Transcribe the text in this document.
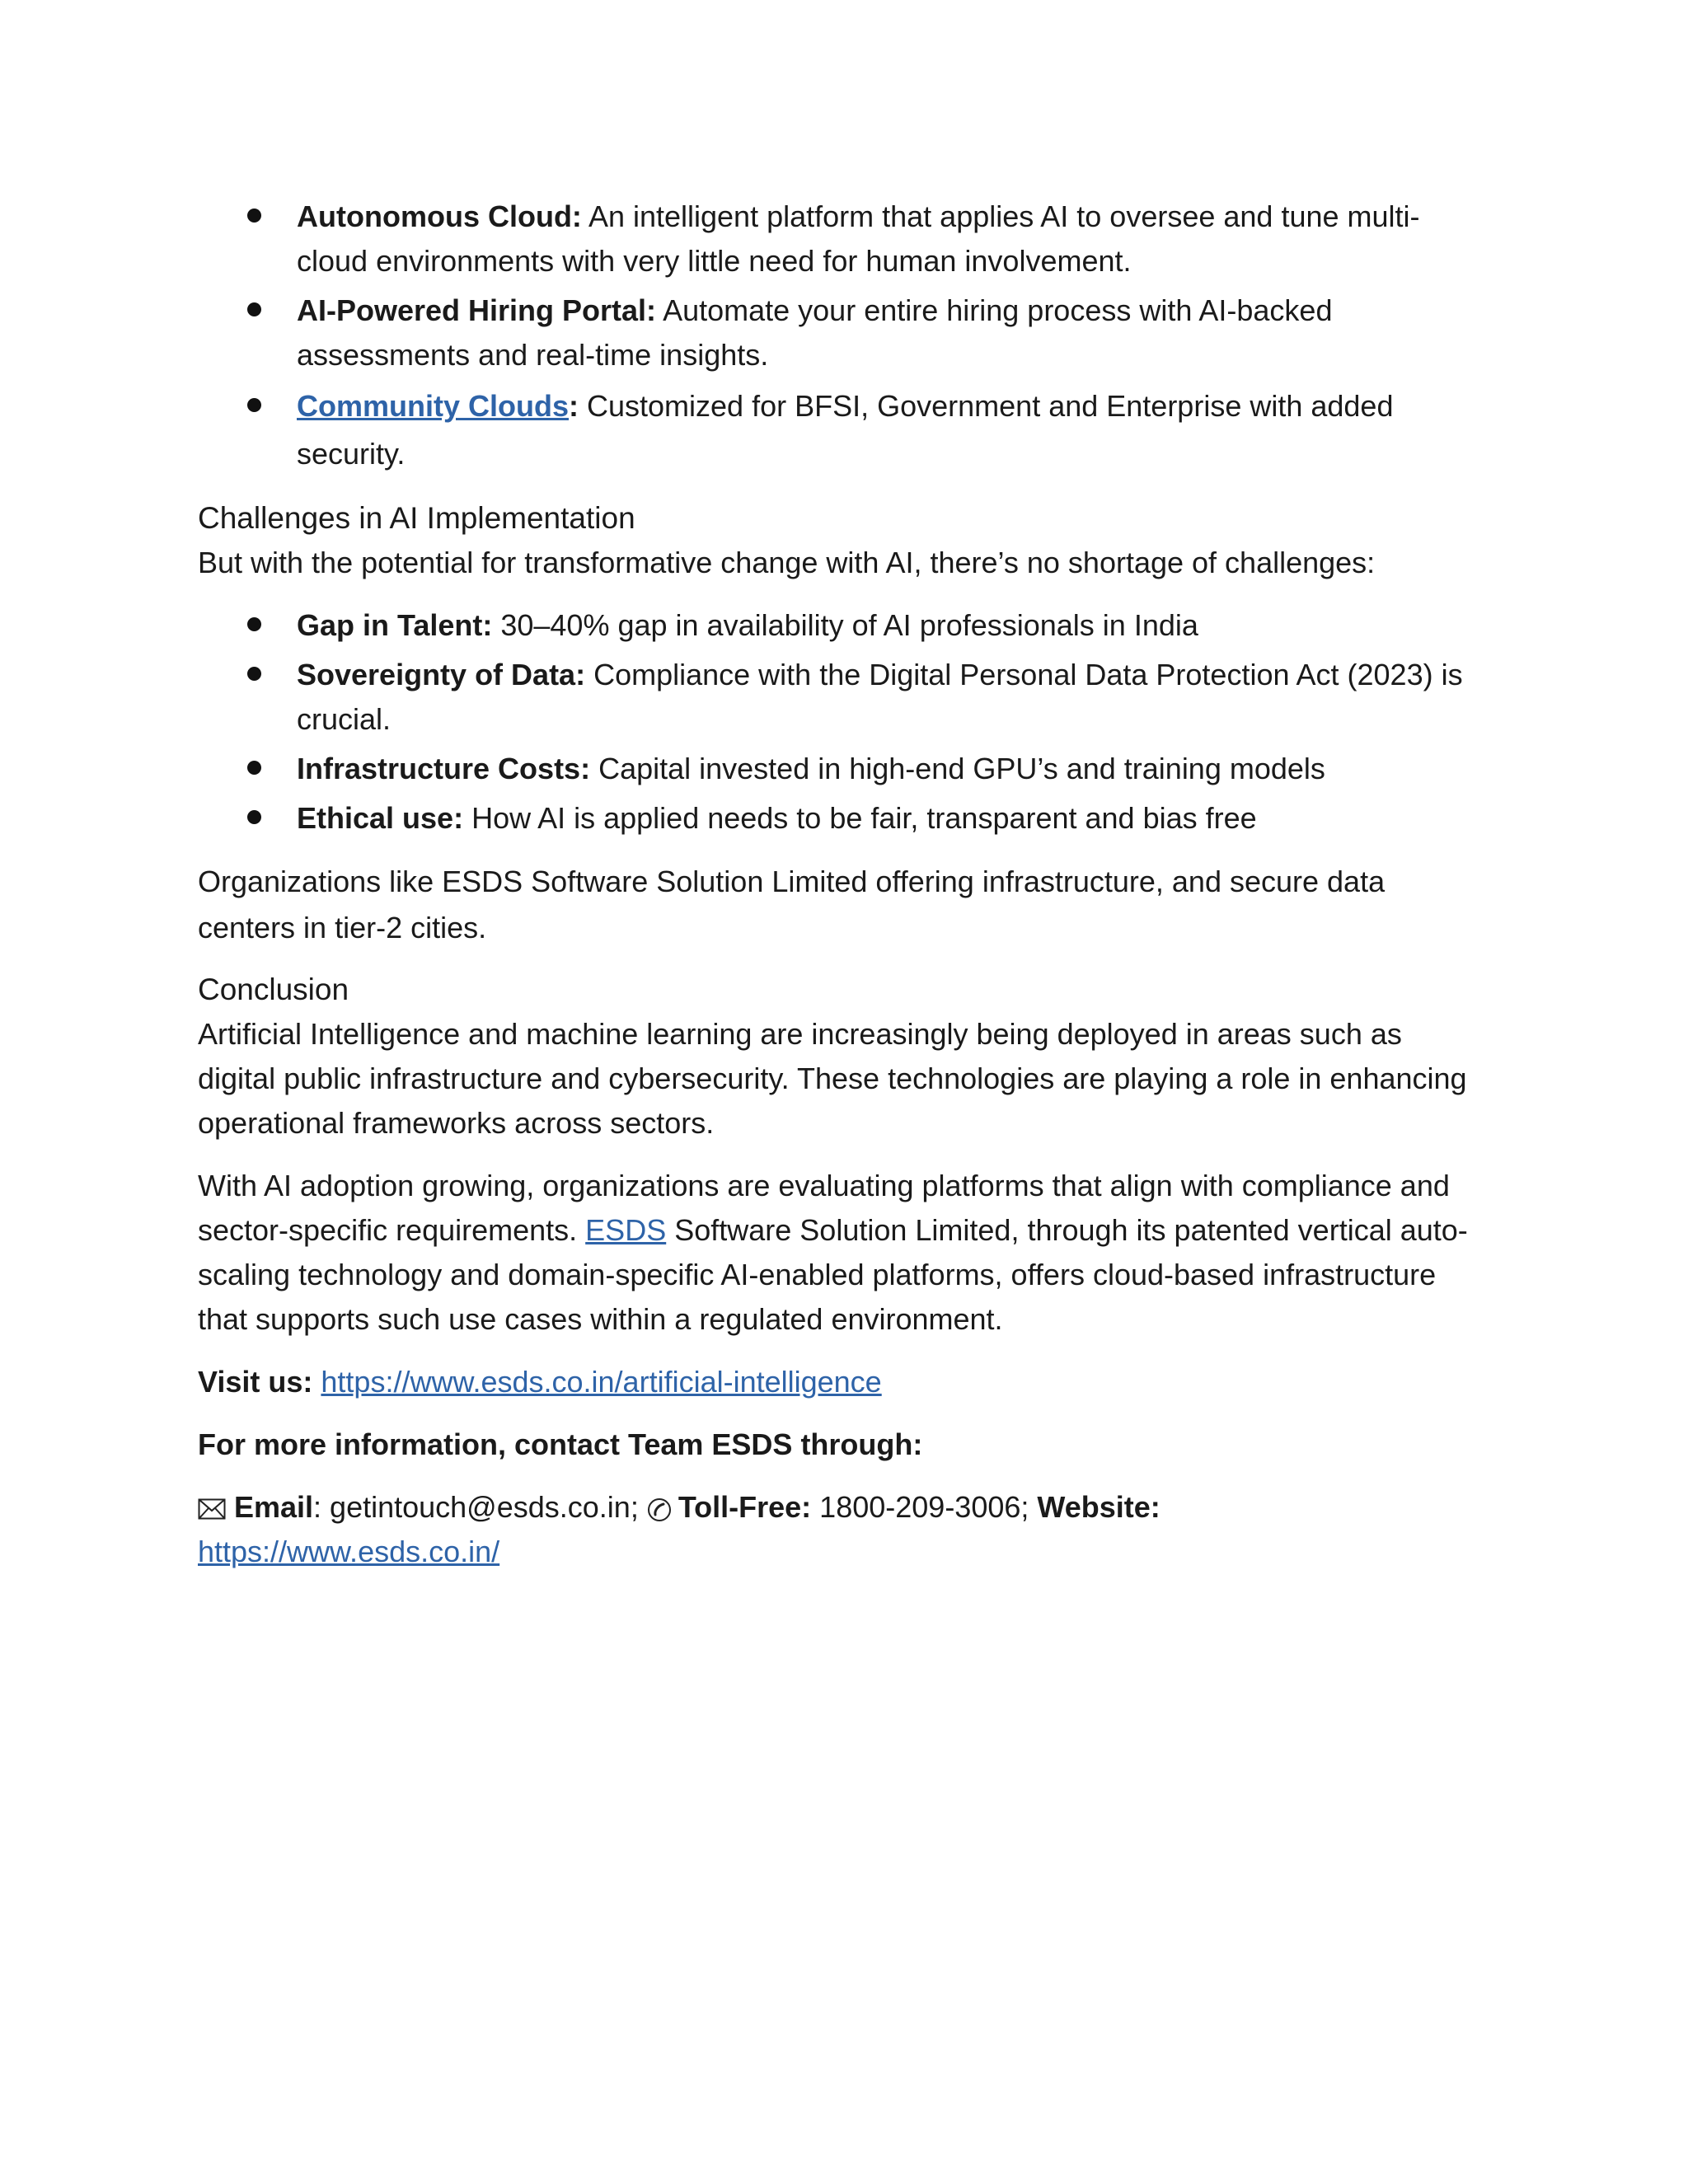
Autonomous Cloud: An intelligent platform that applies AI to oversee and tune multi-cloud environments with very little need for human involvement.
AI-Powered Hiring Portal: Automate your entire hiring process with AI-backed assessments and real-time insights.
Community Clouds: Customized for BFSI, Government and Enterprise with added security.
Challenges in AI Implementation

But with the potential for transformative change with AI, there’s no shortage of challenges:

Gap in Talent: 30–40% gap in availability of AI professionals in India
Sovereignty of Data: Compliance with the Digital Personal Data Protection Act (2023) is crucial.
Infrastructure Costs: Capital invested in high-end GPU’s and training models
Ethical use: How AI is applied needs to be fair, transparent and bias free

Organizations like ESDS Software Solution Limited offering infrastructure, and secure data centers in tier-2 cities.

Conclusion

Artificial Intelligence and machine learning are increasingly being deployed in areas such as digital public infrastructure and cybersecurity. These technologies are playing a role in enhancing operational frameworks across sectors.

With AI adoption growing, organizations are evaluating platforms that align with compliance and sector-specific requirements. ESDS Software Solution Limited, through its patented vertical auto-scaling technology and domain-specific AI-enabled platforms, offers cloud-based infrastructure that supports such use cases within a regulated environment.

Visit us: https://www.esds.co.in/artificial-intelligence

For more information, contact Team ESDS through:

Email: getintouch@esds.co.in; Toll-Free: 1800-209-3006; Website:
https://www.esds.co.in/
